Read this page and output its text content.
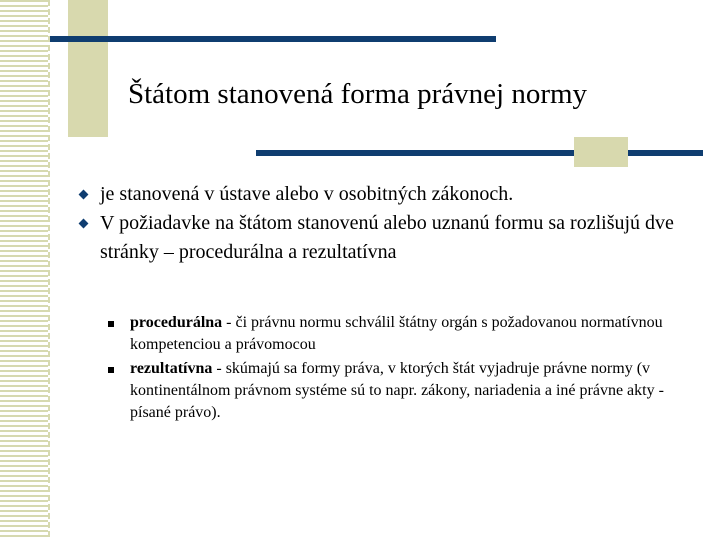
Štátom stanovená forma právnej normy
je stanovená v ústave alebo v osobitných zákonoch.
V požiadavke na štátom stanovenú alebo uznanú formu sa rozlišujú dve stránky – procedurálna a rezultatívna
procedurálna - či právnu normu schválil štátny orgán s požadovanou normatívnou kompetenciou a právomocou
rezultatívna - skúmajú sa formy práva, v ktorých štát vyjadruje právne normy (v kontinentálnom právnom systéme sú to napr. zákony, nariadenia a iné právne akty - písané právo).
